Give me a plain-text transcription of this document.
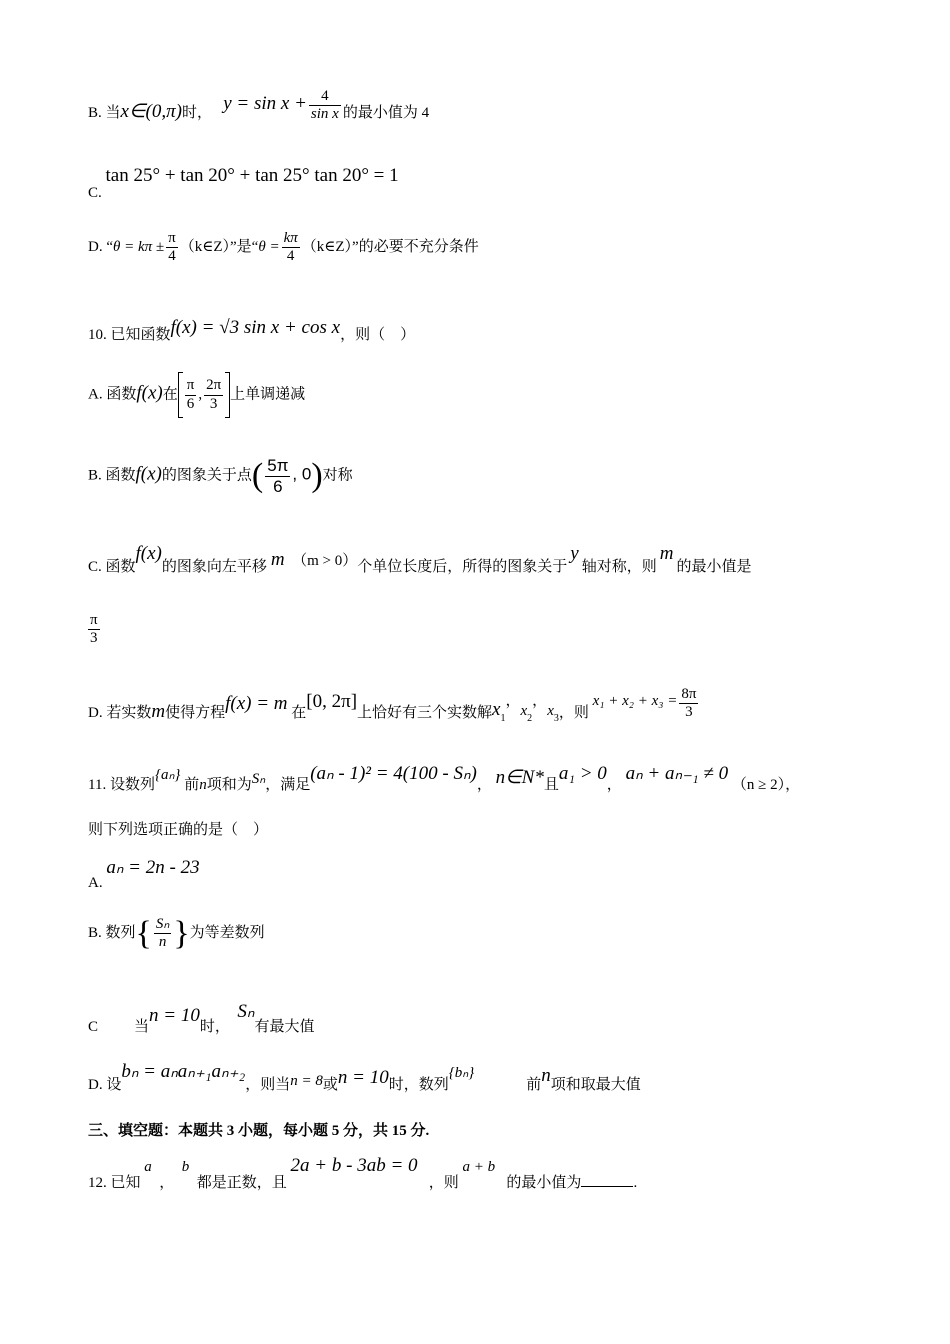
B. 当x∈(0,π)时， $y = \sin x + \frac{4}{\text{sin x}}$ 的最小值为 4
C. tan 25° + tan 20° + tan 25° tan 20° = 1
D. “$\theta = k\pi \pm \frac{\pi}{4}$ （k∈Z）”是“$\theta = \frac{k\pi}{4}$ （k∈Z）”的必要不充分条件
10. 已知函数f(x) = √3 sin x + cos x，则（　）
A. 函数f(x)在 $\frac{\pi}{6}$ , $\frac{2\pi}{3}$ 上单调递减
B. 函数f(x)的图象关于点( $\frac{5\pi}{6}$ , 0)对称
C. 函数f(x)的图象向左平移 m （m > 0）个单位长度后，所得的图象关于y轴对称，则m的最小值是
$\frac{\pi}{3}$
D. 若实数m使得方程f(x) = m 在[0, 2π]上恰好有三个实数解$x_1$，$x_2$，$x_3$，则 $x_1 + x_2 + x_3 = \frac{8\pi}{3}$
11. 设数列{aₙ} 前n项和为Sₙ，满足(aₙ - 1)² = 4(100 - Sₙ)， n∈N*且a₁ > 0， aₙ + aₙ₋₁ ≠ 0 （n ≥ 2），
则下列选项正确的是（　）
A. aₙ = 2n - 23
B. 数列{ $\frac{\text{Sₙ}}{n}$ }为等差数列
C 当n = 10时，  Sₙ有最大值
D. 设bₙ = aₙaₙ₊₁aₙ₊₂，则当n = 8或n = 10时，数列{bₙ}前n项和取最大值
三、填空题：本题共 3 小题，每小题 5 分，共 15 分.
12. 已知 a  ，  b  都是正数，且 2a + b - 3ab = 0   ，则 a + b   的最小值为	.
